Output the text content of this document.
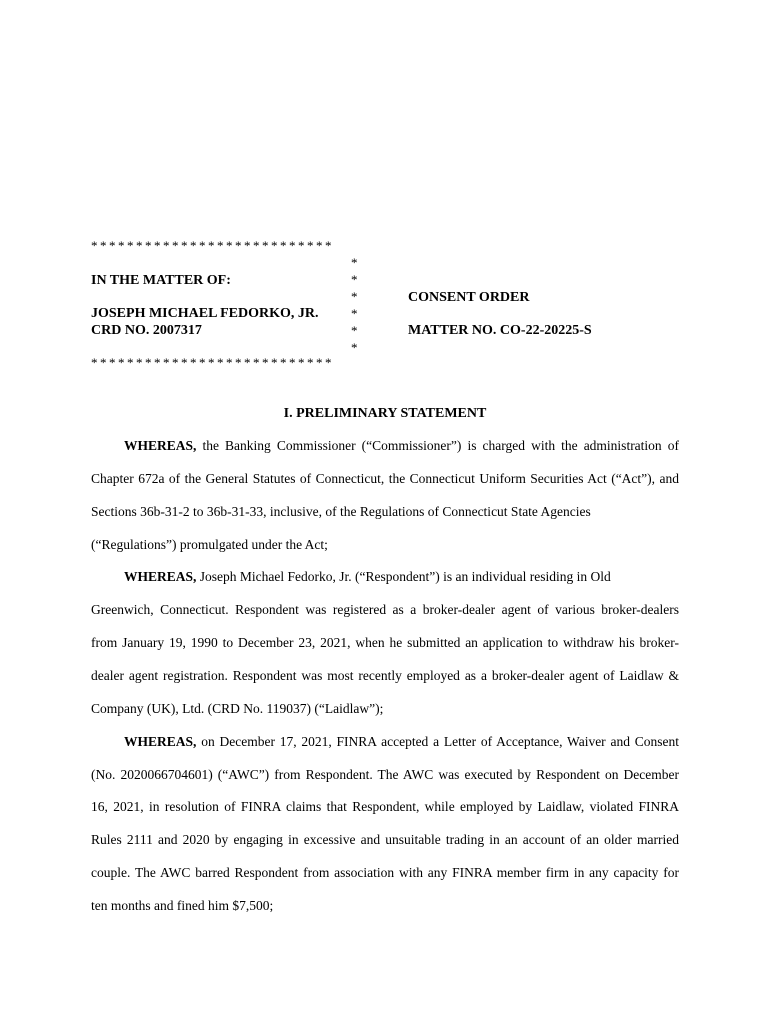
***************************
*
*
*
*
*
*
***************************
IN THE MATTER OF:
JOSEPH MICHAEL FEDORKO, JR.
CRD NO. 2007317
CONSENT ORDER
MATTER NO. CO-22-20225-S
I. PRELIMINARY STATEMENT
WHEREAS, the Banking Commissioner (“Commissioner”) is charged with the administration of
Chapter 672a of the General Statutes of Connecticut, the Connecticut Uniform Securities Act (“Act”), and
Sections 36b-31-2 to 36b-31-33, inclusive, of the Regulations of Connecticut State Agencies
(“Regulations”) promulgated under the Act;
WHEREAS, Joseph Michael Fedorko, Jr. (“Respondent”) is an individual residing in Old
Greenwich, Connecticut. Respondent was registered as a broker-dealer agent of various broker-dealers
from January 19, 1990 to December 23, 2021, when he submitted an application to withdraw his broker-
dealer agent registration. Respondent was most recently employed as a broker-dealer agent of Laidlaw &
Company (UK), Ltd. (CRD No. 119037) (“Laidlaw”);
WHEREAS, on December 17, 2021, FINRA accepted a Letter of Acceptance, Waiver and Consent
(No. 2020066704601) (“AWC”) from Respondent. The AWC was executed by Respondent on December
16, 2021, in resolution of FINRA claims that Respondent, while employed by Laidlaw, violated FINRA
Rules 2111 and 2020 by engaging in excessive and unsuitable trading in an account of an older married
couple. The AWC barred Respondent from association with any FINRA member firm in any capacity for
ten months and fined him $7,500;
